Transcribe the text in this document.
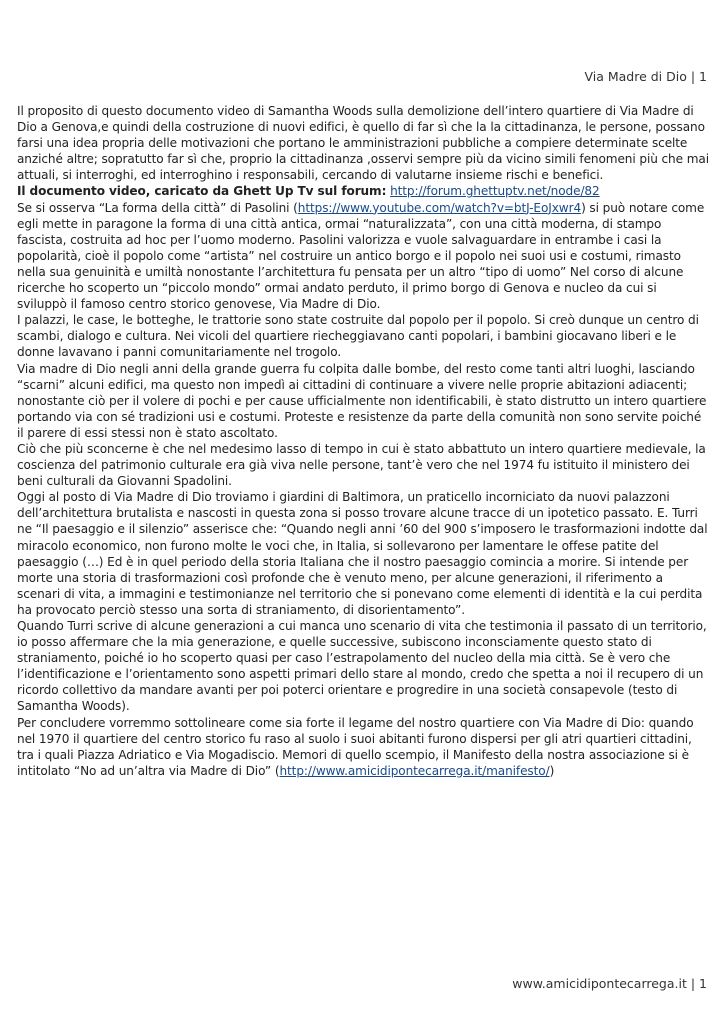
Via Madre di Dio | 1

Il proposito di questo documento video di Samantha Woods sulla demolizione dell’intero quartiere di Via Madre di Dio a Genova,e quindi della costruzione di nuovi edifici, è quello di far sì che la la cittadinanza, le persone, possano farsi una idea propria delle motivazioni che portano le amministrazioni pubbliche a compiere determinate scelte anziché altre; sopratutto far sì che, proprio la cittadinanza ,osservi sempre più da vicino simili fenomeni più che mai attuali, si interroghi, ed interroghino i responsabili, cercando di valutarne insieme rischi e benefici.

Il documento video, caricato da Ghett Up Tv sul forum: http://forum.ghettuptv.net/node/82

Se si osserva “La forma della città” di Pasolini (https://www.youtube.com/watch?v=btJ-EoJxwr4) si può notare come egli mette in paragone la forma di una città antica, ormai “naturalizzata”, con una città moderna, di stampo fascista, costruita ad hoc per l’uomo moderno. Pasolini valorizza e vuole salvaguardare in entrambe i casi la popolarità, cioè il popolo come “artista” nel costruire un antico borgo e il popolo nei suoi usi e costumi, rimasto nella sua genuinità e umiltà nonostante l’architettura fu pensata per un altro “tipo di uomo” Nel corso di alcune ricerche ho scoperto un “piccolo mondo” ormai andato perduto, il primo borgo di Genova e nucleo da cui si sviluppò il famoso centro storico genovese, Via Madre di Dio.

I palazzi, le case, le botteghe, le trattorie sono state costruite dal popolo per il popolo. Si creò dunque un centro di scambi, dialogo e cultura. Nei vicoli del quartiere riecheggiavano canti popolari, i bambini giocavano liberi e le donne lavavano i panni comunitariamente nel trogolo.

Via madre di Dio negli anni della grande guerra fu colpita dalle bombe, del resto come tanti altri luoghi, lasciando “scarni” alcuni edifici, ma questo non impedì ai cittadini di continuare a vivere nelle proprie abitazioni adiacenti; nonostante ciò per il volere di pochi e per cause ufficialmente non identificabili, è stato distrutto un intero quartiere portando via con sé tradizioni usi e costumi. Proteste e resistenze da parte della comunità non sono servite poiché il parere di essi stessi non è stato ascoltato.

Ciò che più sconcerne è che nel medesimo lasso di tempo in cui è stato abbattuto un intero quartiere medievale, la coscienza del patrimonio culturale era già viva nelle persone, tant’è vero che nel 1974 fu istituito il ministero dei beni culturali da Giovanni Spadolini.

Oggi al posto di Via Madre di Dio troviamo i giardini di Baltimora, un praticello incorniciato da nuovi palazzoni dell’architettura brutalista e nascosti in questa zona si posso trovare alcune tracce di un ipotetico passato. E. Turri ne “Il paesaggio e il silenzio” asserisce che: “Quando negli anni ’60 del 900 s’imposero le trasformazioni indotte dal miracolo economico, non furono molte le voci che, in Italia, si sollevarono per lamentare le offese patite del paesaggio (…) Ed è in quel periodo della storia Italiana che il nostro paesaggio comincia a morire. Si intende per morte una storia di trasformazioni così profonde che è venuto meno, per alcune generazioni, il riferimento a scenari di vita, a immagini e testimonianze nel territorio che si ponevano come elementi di identità e la cui perdita ha provocato perciò stesso una sorta di straniamento, di disorientamento”.

Quando Turri scrive di alcune generazioni a cui manca uno scenario di vita che testimonia il passato di un territorio, io posso affermare che la mia generazione, e quelle successive, subiscono inconsciamente questo stato di straniamento, poiché io ho scoperto quasi per caso l’estrapolamento del nucleo della mia città. Se è vero che l’identificazione e l’orientamento sono aspetti primari dello stare al mondo, credo che spetta a noi il recupero di un ricordo collettivo da mandare avanti per poi poterci orientare e progredire in una società consapevole (testo di Samantha Woods).

Per concludere vorremmo sottolineare come sia forte il legame del nostro quartiere con Via Madre di Dio: quando nel 1970 il quartiere del centro storico fu raso al suolo i suoi abitanti furono dispersi per gli atri quartieri cittadini, tra i quali Piazza Adriatico e Via Mogadiscio. Memori di quello scempio, il Manifesto della nostra associazione si è intitolato “No ad un’altra via Madre di Dio” (http://www.amicidipontecarrega.it/manifesto/)

www.amicidipontecarrega.it | 1
